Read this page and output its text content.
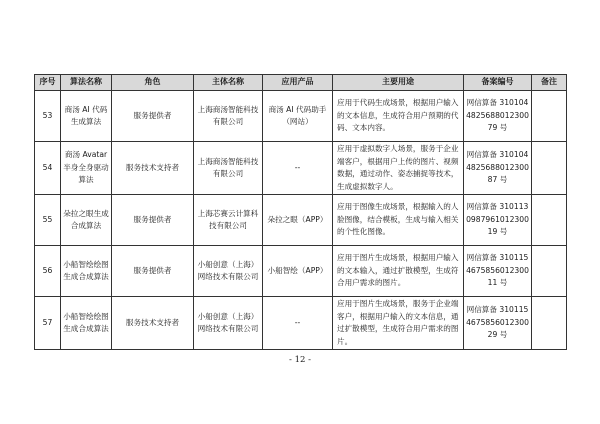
序号	算法名称	角色	主体名称	应用产品	主要用途	备案编号	备注
53	商汤 AI 代码生成算法	服务提供者	上海商汤智能科技有限公司	商汤 AI 代码助手（网站）	应用于代码生成场景，根据用户输入的文本信息，生成符合用户预期的代码、文本内容。	网信算备 310104482568801230079 号	
54	商汤 Avatar 半身全身驱动算法	服务技术支持者	上海商汤智能科技有限公司	--	应用于虚拟数字人场景，服务于企业端客户，根据用户上传的图片、视频数据，通过动作、姿态捕捉等技术，生成虚拟数字人。	网信算备 310104482568801230087 号	
55	朵拉之眼生成合成算法	服务提供者	上海芯赛云计算科技有限公司	朵拉之眼（APP）	应用于图像生成场景，根据输入的人脸图像，结合模板，生成与输入相关的个性化图像。	网信算备 310113098796101230019 号	
56	小船智绘绘图生成合成算法	服务提供者	小船创意（上海）网络技术有限公司	小船智绘（APP）	应用于图片生成场景，根据用户输入的文本输入，通过扩散模型，生成符合用户需求的图片。	网信算备 310115467585601230011 号	
57	小船智绘绘图生成合成算法	服务技术支持者	小船创意（上海）网络技术有限公司	--	应用于图片生成场景，服务于企业端客户，根据用户输入的文本信息，通过扩散模型，生成符合用户需求的图片。	网信算备 310115467585601230029 号	
- 12 -
